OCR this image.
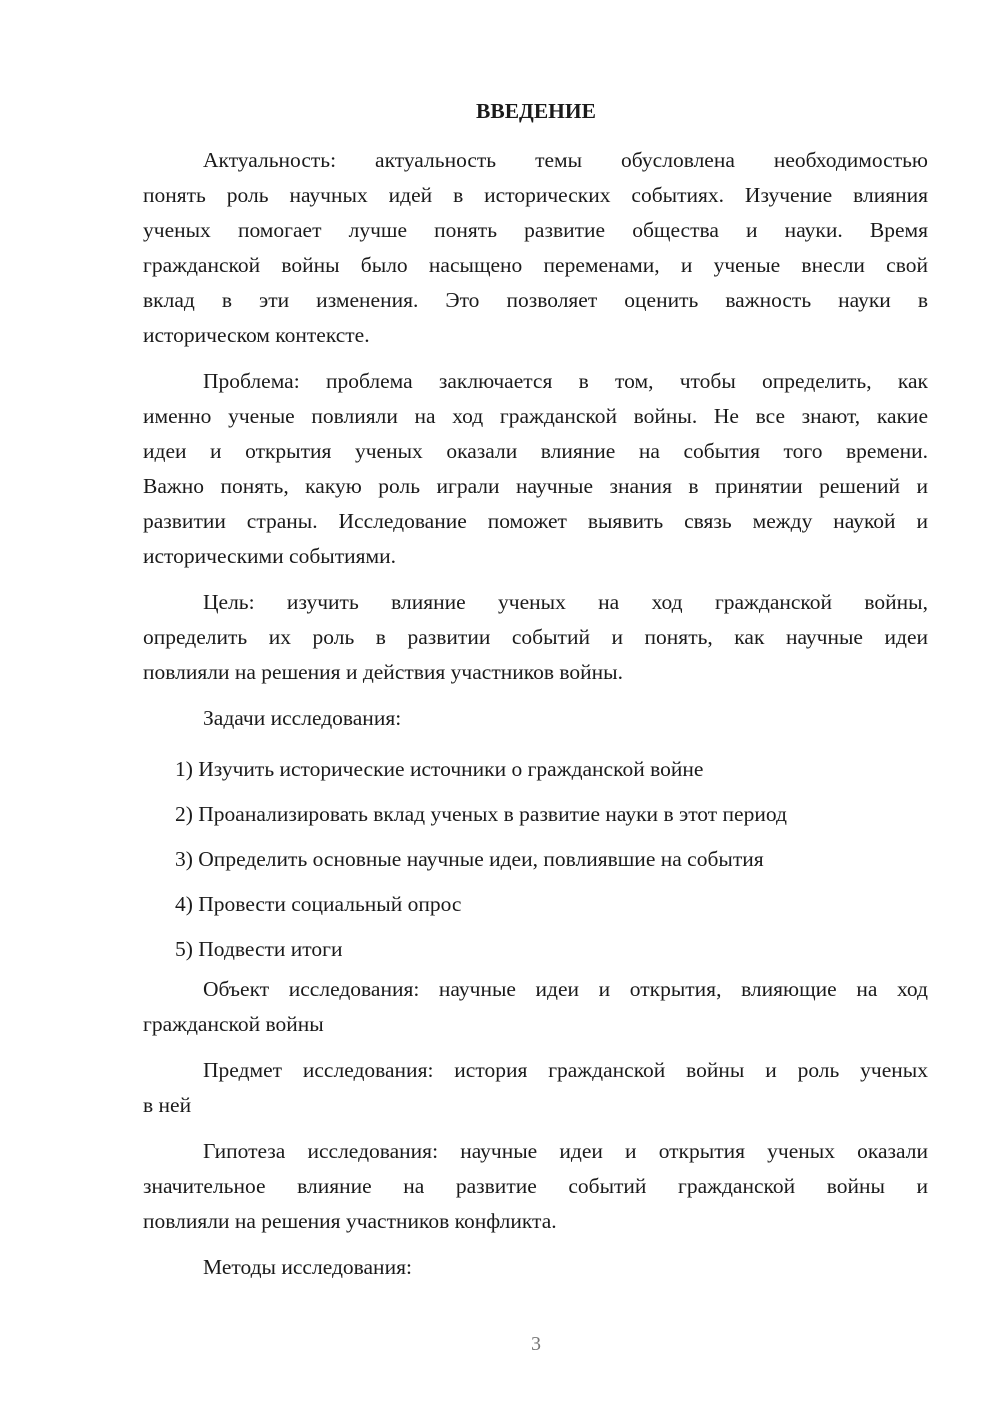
ВВЕДЕНИЕ
Актуальность: актуальность темы обусловлена необходимостью
понять роль научных идей в исторических событиях. Изучение влияния
ученых помогает лучше понять развитие общества и науки. Время
гражданской войны было насыщено переменами, и ученые внесли свой
вклад в эти изменения. Это позволяет оценить важность науки в
историческом контексте.
Проблема: проблема заключается в том, чтобы определить, как
именно ученые повлияли на ход гражданской войны. Не все знают, какие
идеи и открытия ученых оказали влияние на события того времени.
Важно понять, какую роль играли научные знания в принятии решений и
развитии страны. Исследование поможет выявить связь между наукой и
историческими событиями.
Цель: изучить влияние ученых на ход гражданской войны,
определить их роль в развитии событий и понять, как научные идеи
повлияли на решения и действия участников войны.
Задачи исследования:
1) Изучить исторические источники о гражданской войне
2) Проанализировать вклад ученых в развитие науки в этот период
3) Определить основные научные идеи, повлиявшие на события
4) Провести социальный опрос
5) Подвести итоги
Объект исследования: научные идеи и открытия, влияющие на ход
гражданской войны
Предмет исследования: история гражданской войны и роль ученых
в ней
Гипотеза исследования: научные идеи и открытия ученых оказали
значительное влияние на развитие событий гражданской войны и
повлияли на решения участников конфликта.
Методы исследования:
3
